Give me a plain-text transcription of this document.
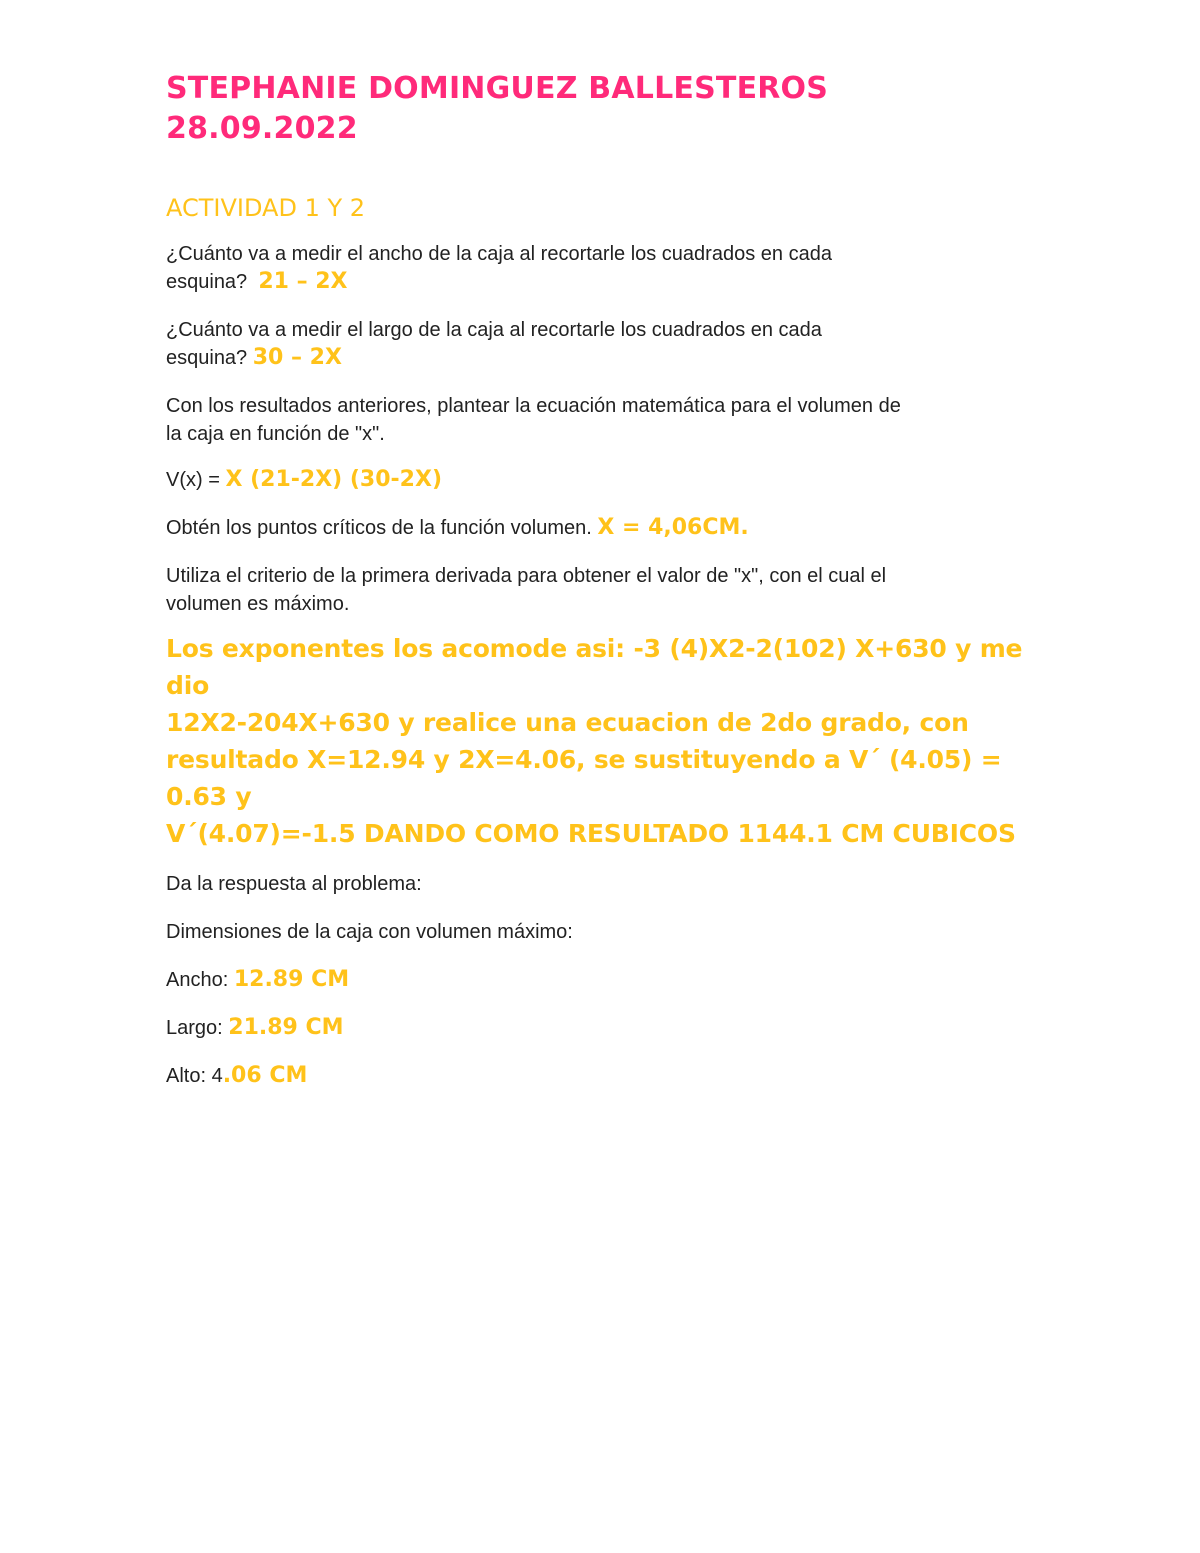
STEPHANIE DOMINGUEZ BALLESTEROS
28.09.2022
ACTIVIDAD 1 Y 2
¿Cuánto va a medir el ancho de la caja al recortarle los cuadrados en cada
esquina? 21 – 2X
¿Cuánto va a medir el largo de la caja al recortarle los cuadrados en cada
esquina? 30 – 2X
Con los resultados anteriores, plantear la ecuación matemática para el volumen de
la caja en función de "x".
V(x) = X (21-2X) (30-2X)
Obtén los puntos críticos de la función volumen. X = 4,06CM.
Utiliza el criterio de la primera derivada para obtener el valor de "x", con el cual el
volumen es máximo.
Los exponentes los acomode asi: -3 (4)X2-2(102) X+630 y me dio
12X2-204X+630 y realice una ecuacion de 2do grado, con
resultado X=12.94 y 2X=4.06, se sustituyendo a V´ (4.05) = 0.63 y
V´(4.07)=-1.5 DANDO COMO RESULTADO 1144.1 CM CUBICOS
Da la respuesta al problema:
Dimensiones de la caja con volumen máximo:
Ancho: 12.89 CM
Largo: 21.89 CM
Alto: 4.06 CM
